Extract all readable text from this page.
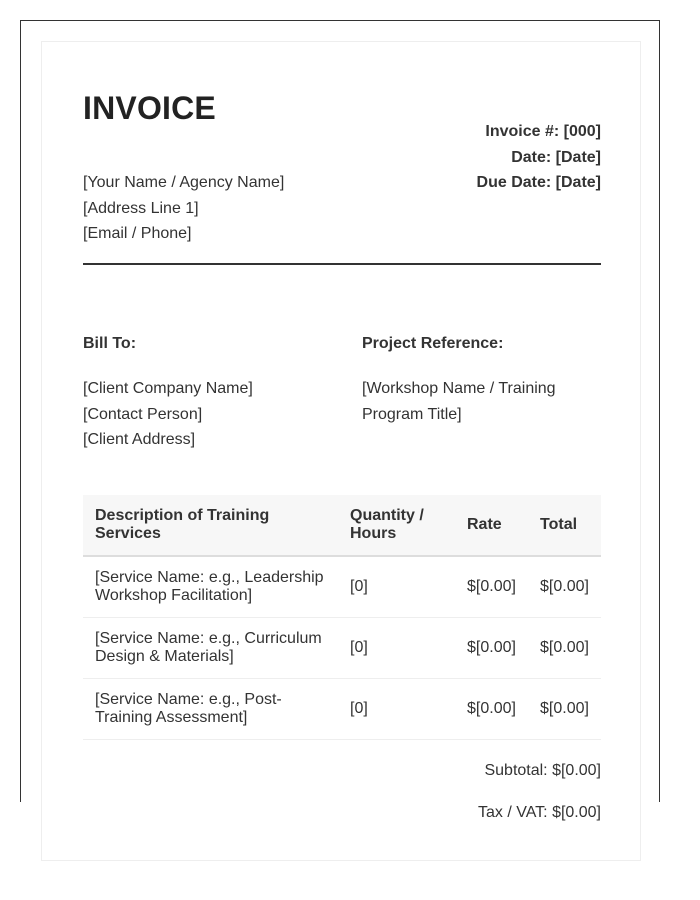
INVOICE
[Your Name / Agency Name]
[Address Line 1]
[Email / Phone]
Invoice #: [000]
Date: [Date]
Due Date: [Date]
Bill To:
[Client Company Name]
[Contact Person]
[Client Address]
Project Reference:
[Workshop Name / Training Program Title]
Description of Training Services	Quantity / Hours	Rate	Total
[Service Name: e.g., Leadership Workshop Facilitation]	[0]	$[0.00]	$[0.00]
[Service Name: e.g., Curriculum Design & Materials]	[0]	$[0.00]	$[0.00]
[Service Name: e.g., Post-Training Assessment]	[0]	$[0.00]	$[0.00]
Subtotal: $[0.00]
Tax / VAT: $[0.00]
